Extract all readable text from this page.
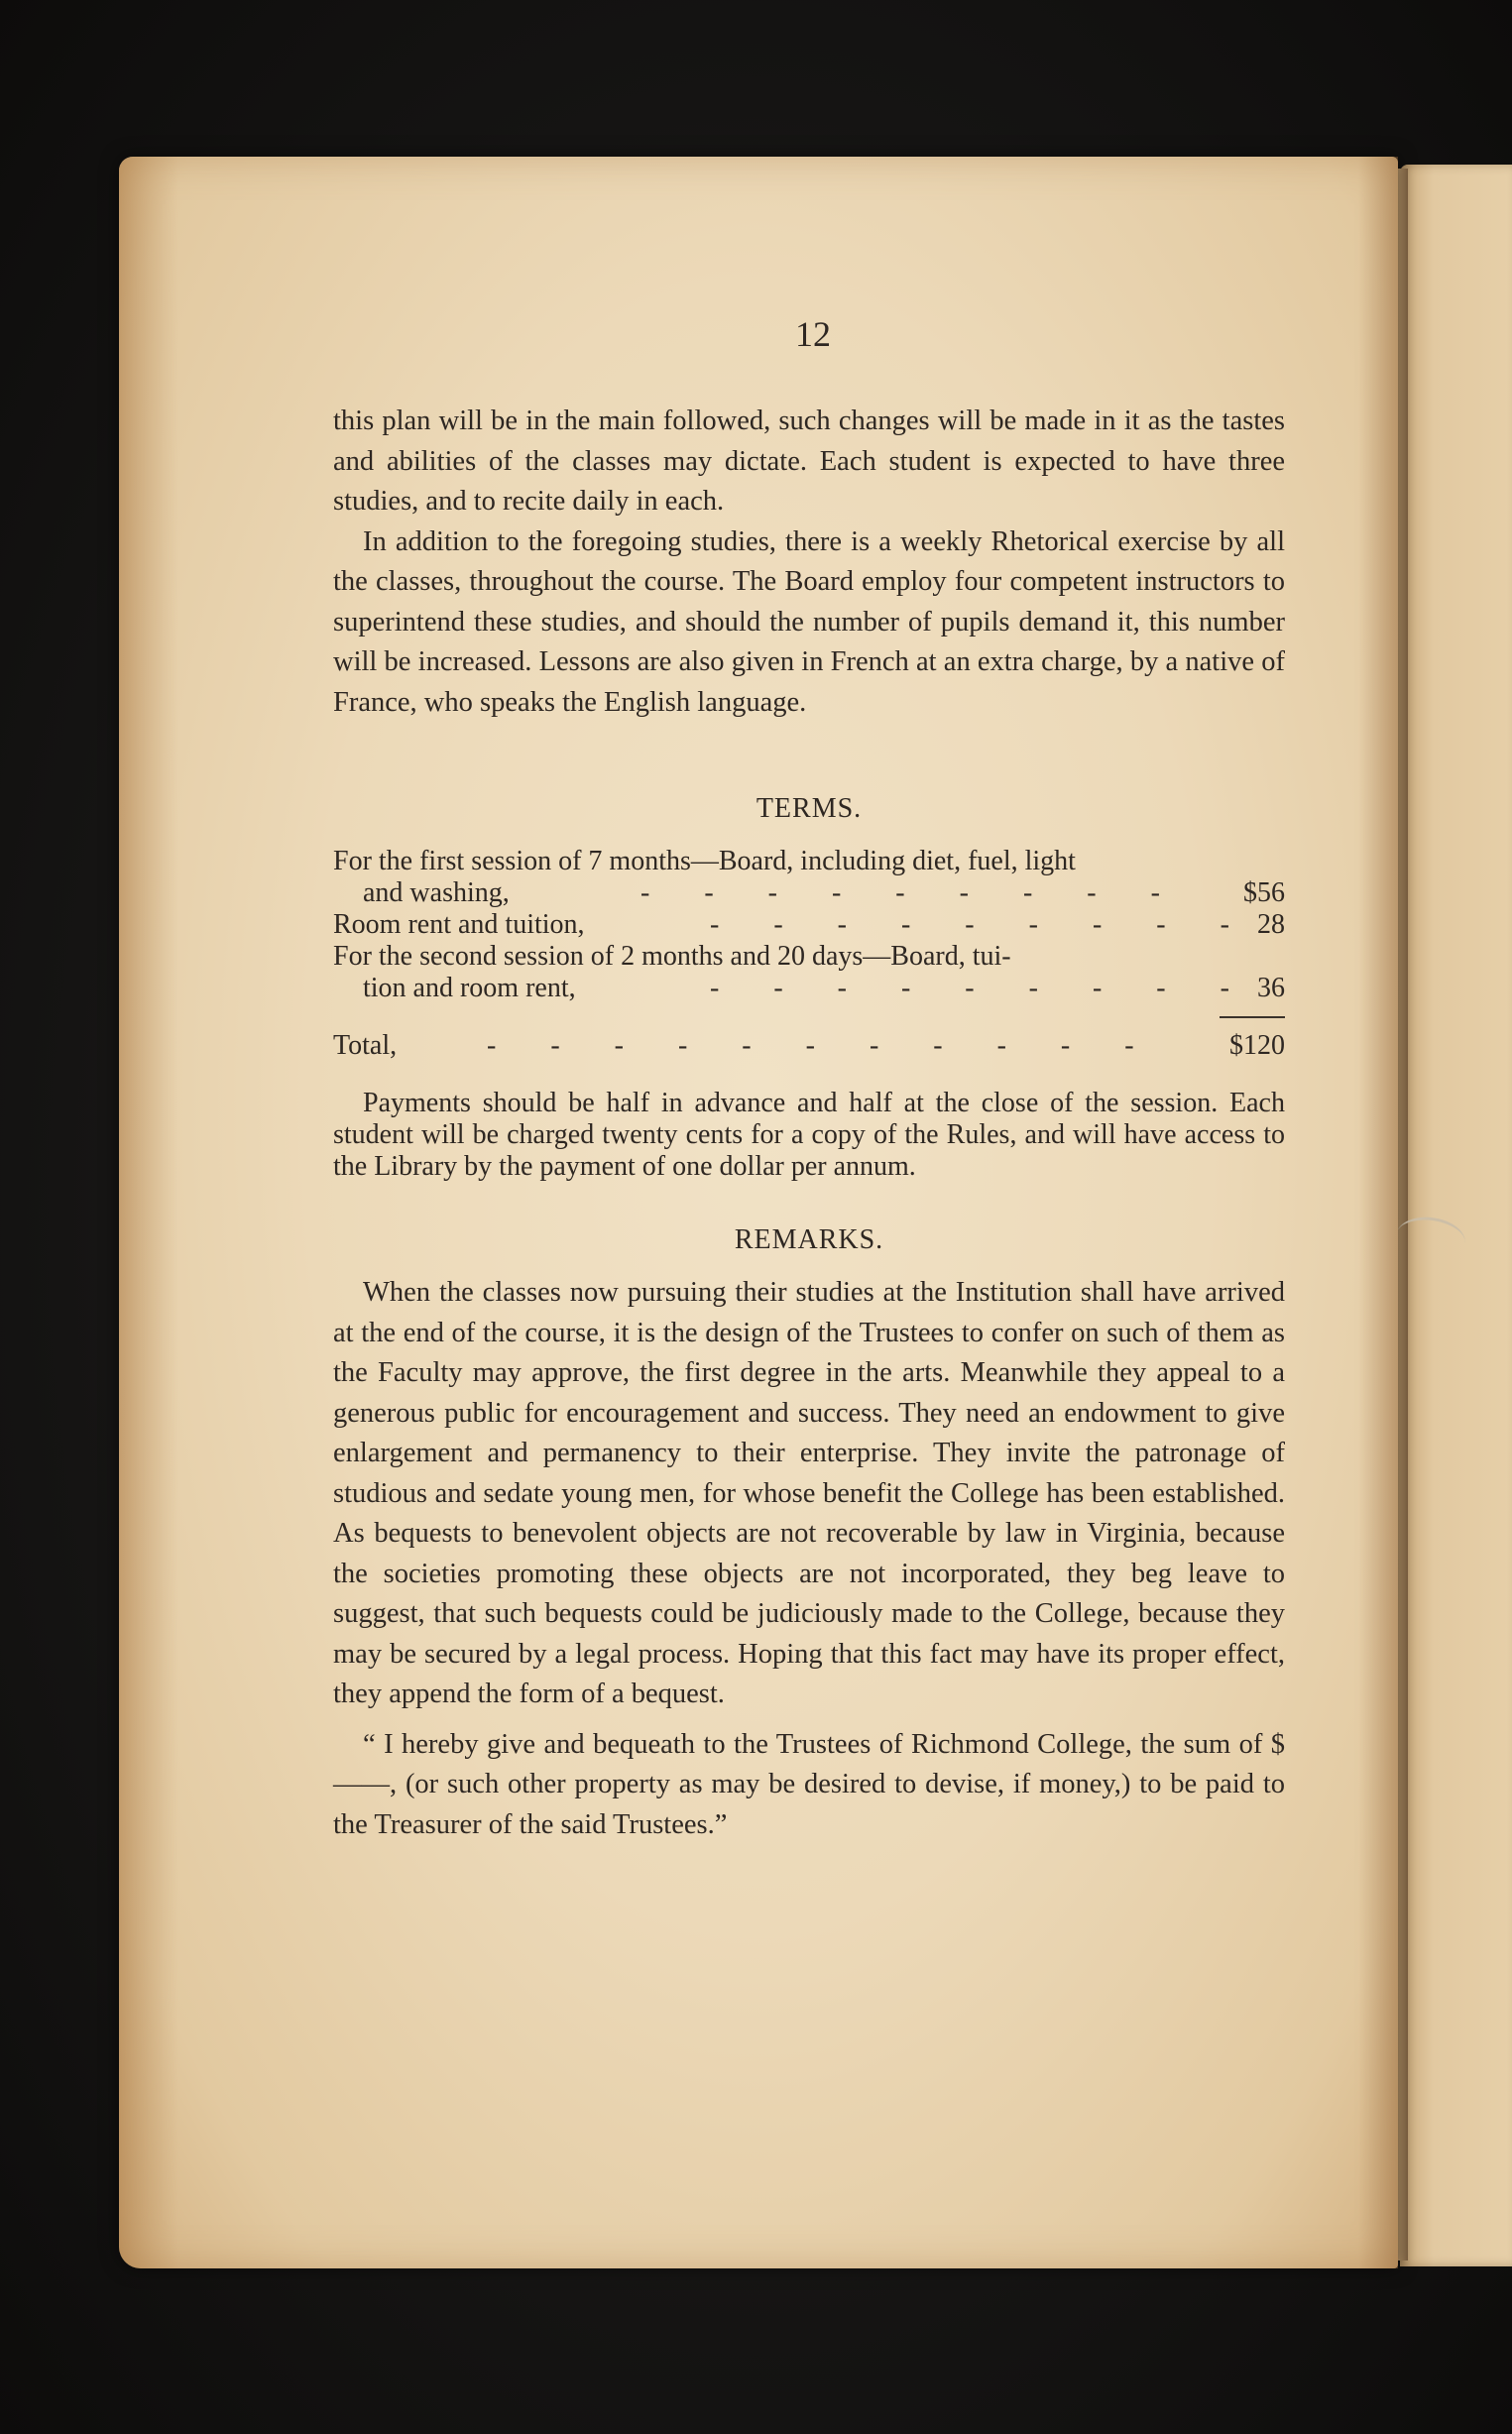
12

this plan will be in the main followed, such changes will be made in it as the tastes and abilities of the classes may dictate. Each student is expected to have three studies, and to recite daily in each.

In addition to the foregoing studies, there is a weekly Rhetorical exercise by all the classes, throughout the course. The Board employ four competent instructors to superintend these studies, and should the number of pupils demand it, this number will be increased. Lessons are also given in French at an extra charge, by a native of France, who speaks the English language.

TERMS.
For the first session of 7 months—Board, including diet, fuel, light
and washing,	- - - - - - - - - $56
Room rent and tuition,	- - - - - - - - - 28
For the second session of 2 months and 20 days—Board, tui-
tion and room rent,	- - - - - - - - - 36
Total,	- - - - - - - - - - -	$120

Payments should be half in advance and half at the close of the session. Each student will be charged twenty cents for a copy of the Rules, and will have access to the Library by the payment of one dollar per annum.

REMARKS.

When the classes now pursuing their studies at the Institution shall have arrived at the end of the course, it is the design of the Trustees to confer on such of them as the Faculty may approve, the first degree in the arts. Meanwhile they appeal to a generous public for encouragement and success. They need an endowment to give enlargement and permanency to their enterprise. They invite the patronage of studious and sedate young men, for whose benefit the College has been established. As bequests to benevolent objects are not recoverable by law in Virginia, because the societies promoting these objects are not incorporated, they beg leave to suggest, that such bequests could be judiciously made to the College, because they may be secured by a legal process. Hoping that this fact may have its proper effect, they append the form of a bequest.

“ I hereby give and bequeath to the Trustees of Richmond College, the sum of $——, (or such other property as may be desired to devise, if money,) to be paid to the Treasurer of the said Trustees.”
